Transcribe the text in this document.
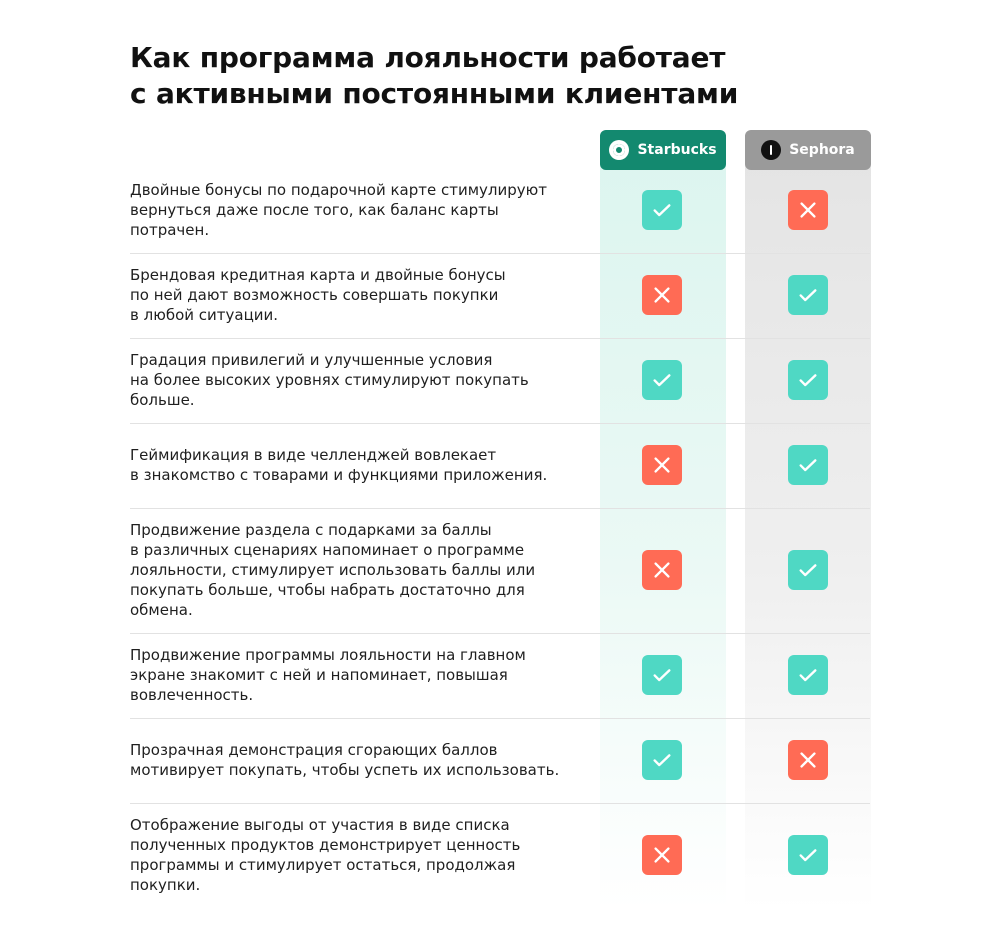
Как программа лояльности работает
с активными постоянными клиентами
Starbucks	Sephora
Двойные бонусы по подарочной карте стимулируют
вернуться даже после того, как баланс карты
потрачен.
Брендовая кредитная карта и двойные бонусы
по ней дают возможность совершать покупки
в любой ситуации.
Градация привилегий и улучшенные условия
на более высоких уровнях стимулируют покупать
больше.
Геймификация в виде челленджей вовлекает
в знакомство с товарами и функциями приложения.
Продвижение раздела с подарками за баллы
в различных сценариях напоминает о программе
лояльности, стимулирует использовать баллы или
покупать больше, чтобы набрать достаточно для
обмена.
Продвижение программы лояльности на главном
экране знакомит с ней и напоминает, повышая
вовлеченность.
Прозрачная демонстрация сгорающих баллов
мотивирует покупать, чтобы успеть их использовать.
Отображение выгоды от участия в виде списка
полученных продуктов демонстрирует ценность
программы и стимулирует остаться, продолжая
покупки.
